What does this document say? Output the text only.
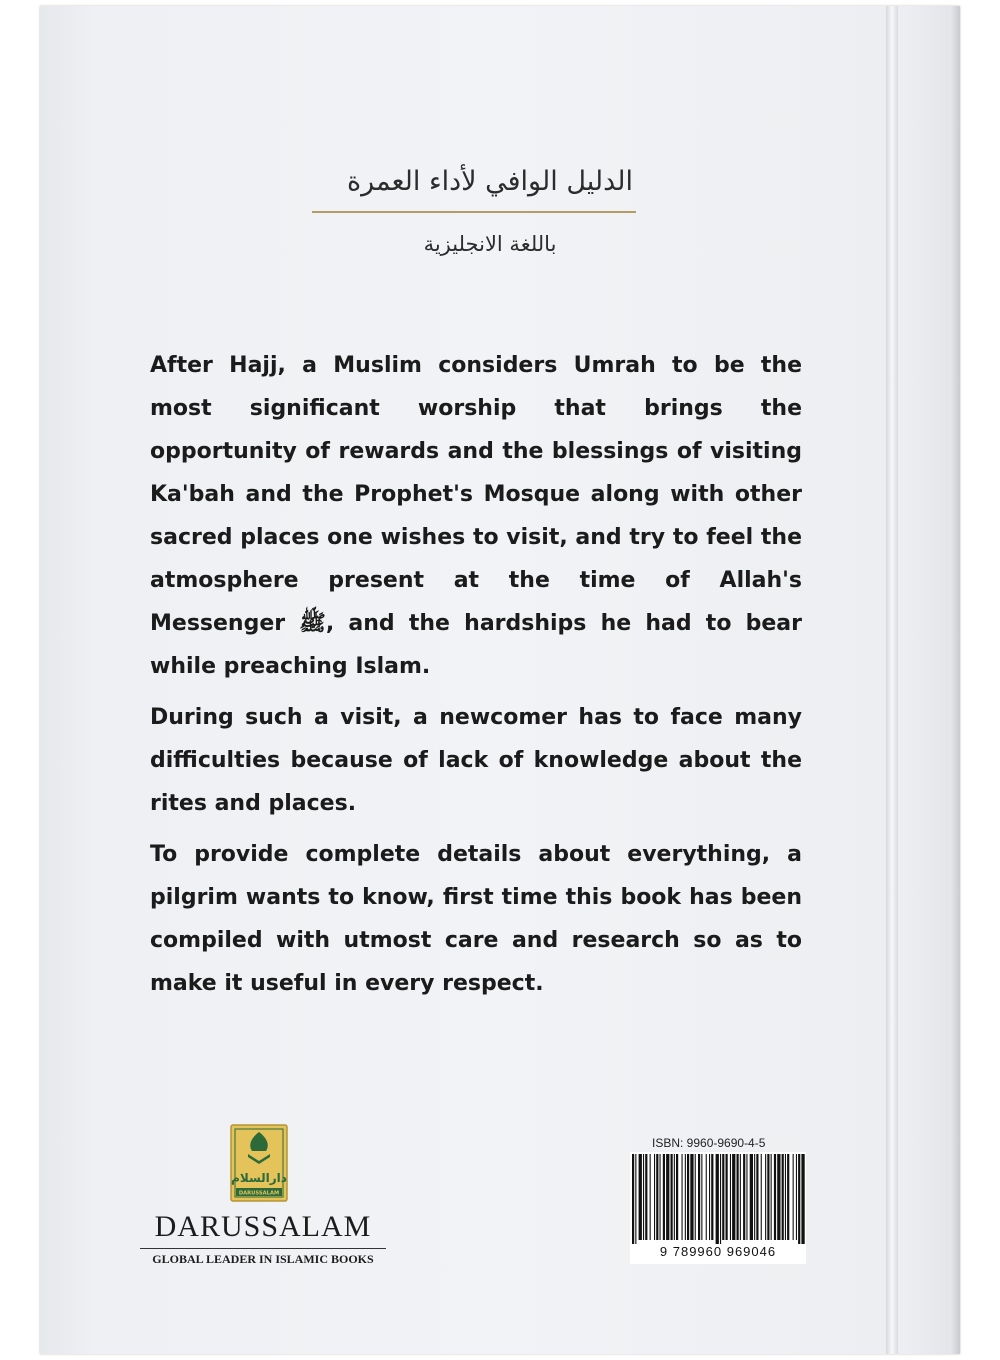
الدليل الوافي لأداء العمرة
باللغة الانجليزية

After Hajj, a Muslim considers Umrah to be the most significant worship that brings the opportunity of rewards and the blessings of visiting Ka'bah and the Prophet's Mosque along with other sacred places one wishes to visit, and try to feel the atmosphere present at the time of Allah's Messenger ﷺ, and the hardships he had to bear while preaching Islam.

During such a visit, a newcomer has to face many difficulties because of lack of knowledge about the rites and places.

To provide complete details about everything, a pilgrim wants to know, first time this book has been compiled with utmost care and research so as to make it useful in every respect.

دارالسلام
DARUSSALAM
DARUSSALAM
GLOBAL LEADER IN ISLAMIC BOOKS
ISBN: 9960-9690-4-5
9 789960 969046
